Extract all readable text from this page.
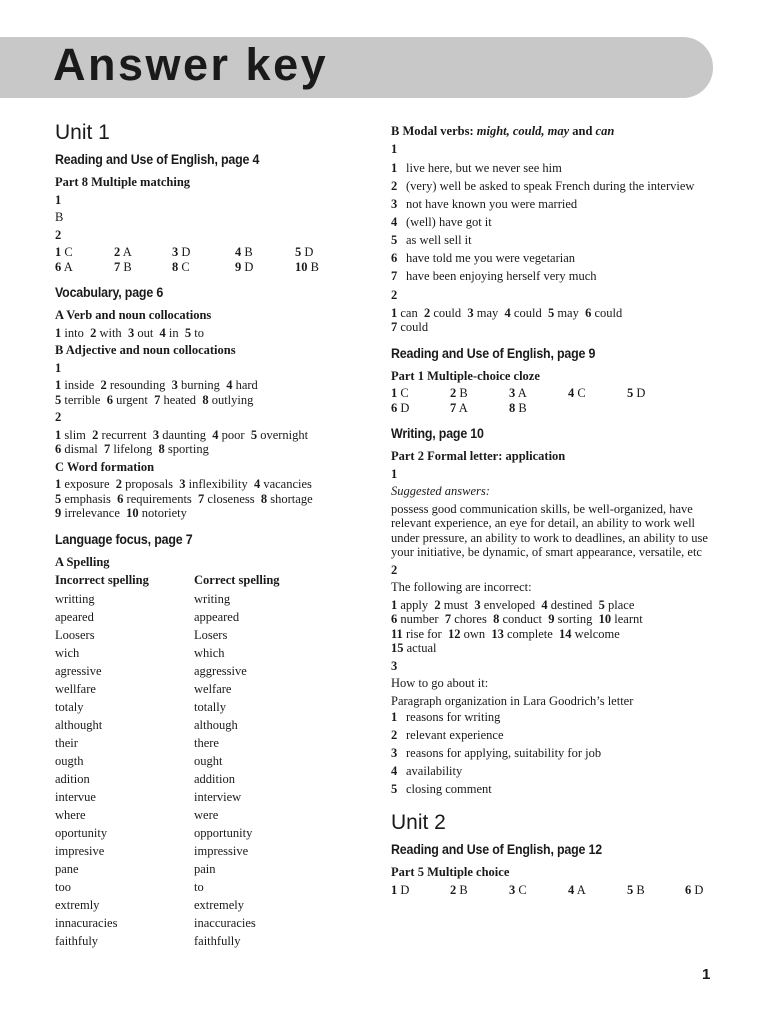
Answer key
Unit 1
Reading and Use of English, page 4
Part 8 Multiple matching
1
B
2
1 C	2 A	3 D	4 B	5 D
6 A	7 B	8 C	9 D	10 B
Vocabulary, page 6
A Verb and noun collocations
1 into 2 with 3 out 4 in 5 to
B Adjective and noun collocations
1
1 inside 2 resounding 3 burning 4 hard
5 terrible 6 urgent 7 heated 8 outlying
2
1 slim 2 recurrent 3 daunting 4 poor 5 overnight
6 dismal 7 lifelong 8 sporting
C Word formation
1 exposure 2 proposals 3 inflexibility 4 vacancies
5 emphasis 6 requirements 7 closeness 8 shortage
9 irrelevance 10 notoriety
Language focus, page 7
A Spelling
Incorrect spelling	Correct spelling
writting	writing
apeared	appeared
Loosers	Losers
wich	which
agressive	aggressive
wellfare	welfare
totaly	totally
althought	although
their	there
ougth	ought
adition	addition
intervue	interview
where	were
oportunity	opportunity
impresive	impressive
pane	pain
too	to
extremly	extremely
innacuracies	inaccuracies
faithfuly	faithfully
B Modal verbs: might, could, may and can
1
1 live here, but we never see him
2 (very) well be asked to speak French during the interview
3 not have known you were married
4 (well) have got it
5 as well sell it
6 have told me you were vegetarian
7 have been enjoying herself very much
2
1 can 2 could 3 may 4 could 5 may 6 could
7 could
Reading and Use of English, page 9
Part 1 Multiple-choice cloze
1 C	2 B	3 A	4 C	5 D
6 D	7 A	8 B
Writing, page 10
Part 2 Formal letter: application
1
Suggested answers:
possess good communication skills, be well-organized, have relevant experience, an eye for detail, an ability to work well under pressure, an ability to work to deadlines, an ability to use your initiative, be dynamic, of smart appearance, versatile, etc
2
The following are incorrect:
1 apply 2 must 3 enveloped 4 destined 5 place
6 number 7 chores 8 conduct 9 sorting 10 learnt
11 rise for 12 own 13 complete 14 welcome
15 actual
3
How to go about it:
Paragraph organization in Lara Goodrich’s letter
1 reasons for writing
2 relevant experience
3 reasons for applying, suitability for job
4 availability
5 closing comment
Unit 2
Reading and Use of English, page 12
Part 5 Multiple choice
1 D	2 B	3 C	4 A	5 B	6 D
1
